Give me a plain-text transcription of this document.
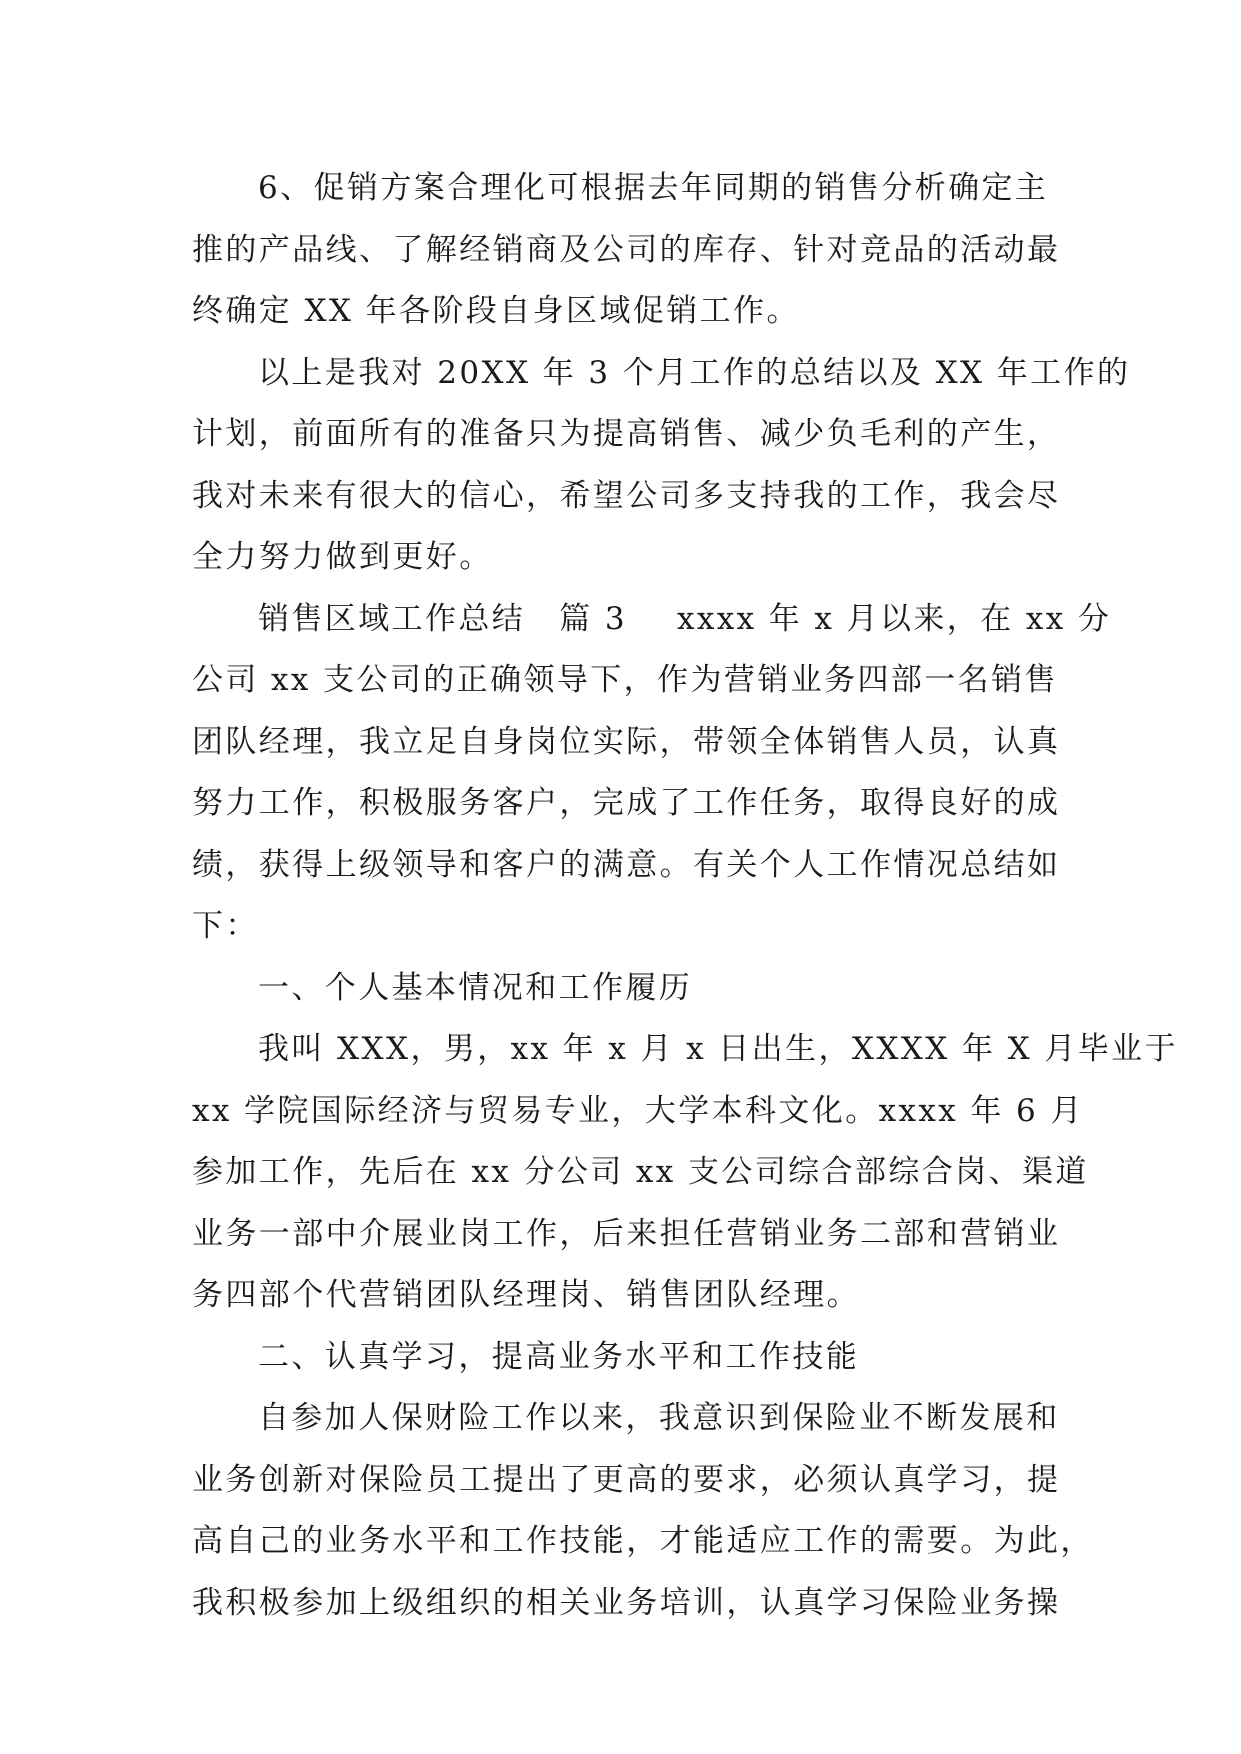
6、促销方案合理化可根据去年同期的销售分析确定主
推的产品线、了解经销商及公司的库存、针对竞品的活动最
终确定 XX 年各阶段自身区域促销工作。

以上是我对 20XX 年 3 个月工作的总结以及 XX 年工作的
计划，前面所有的准备只为提高销售、减少负毛利的产生，
我对未来有很大的信心，希望公司多支持我的工作，我会尽
全力努力做到更好。

销售区域工作总结 篇 3 xxxx 年 x 月以来，在 xx 分
公司 xx 支公司的正确领导下，作为营销业务四部一名销售
团队经理，我立足自身岗位实际，带领全体销售人员，认真
努力工作，积极服务客户，完成了工作任务，取得良好的成
绩，获得上级领导和客户的满意。有关个人工作情况总结如
下：

一、个人基本情况和工作履历

我叫 XXX，男，xx 年 x 月 x 日出生，XXXX 年 X 月毕业于
xx 学院国际经济与贸易专业，大学本科文化。xxxx 年 6 月
参加工作，先后在 xx 分公司 xx 支公司综合部综合岗、渠道
业务一部中介展业岗工作，后来担任营销业务二部和营销业
务四部个代营销团队经理岗、销售团队经理。

二、认真学习，提高业务水平和工作技能

自参加人保财险工作以来，我意识到保险业不断发展和
业务创新对保险员工提出了更高的要求，必须认真学习，提
高自己的业务水平和工作技能，才能适应工作的需要。为此，
我积极参加上级组织的相关业务培训，认真学习保险业务操
